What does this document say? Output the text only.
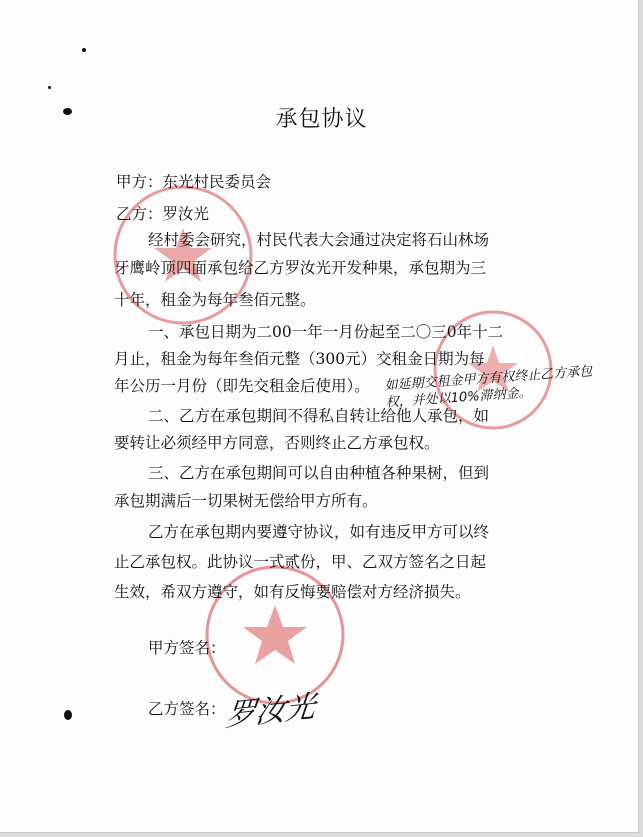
承包协议
甲方：东光村民委员会
乙方：罗汝光
经村委会研究，村民代表大会通过决定将石山林场
牙鹰岭顶四面承包给乙方罗汝光开发种果，承包期为三
十年，租金为每年叁佰元整。
一、承包日期为二00一年一月份起至二〇三0年十二
月止，租金为每年叁佰元整（300元）交租金日期为每
年公历一月份（即先交租金后使用）。
二、乙方在承包期间不得私自转让给他人承包，如
要转让必须经甲方同意，否则终止乙方承包权。
三、乙方在承包期间可以自由种植各种果树，但到
承包期满后一切果树无偿给甲方所有。
乙方在承包期内要遵守协议，如有违反甲方可以终
止乙承包权。此协议一式贰份，甲、乙双方签名之日起
生效，希双方遵守，如有反悔要赔偿对方经济损失。
如延期交租金甲方有权终止乙方承包权，并处以10%滞纳金。
甲方签名：
乙方签名：
罗汝光
